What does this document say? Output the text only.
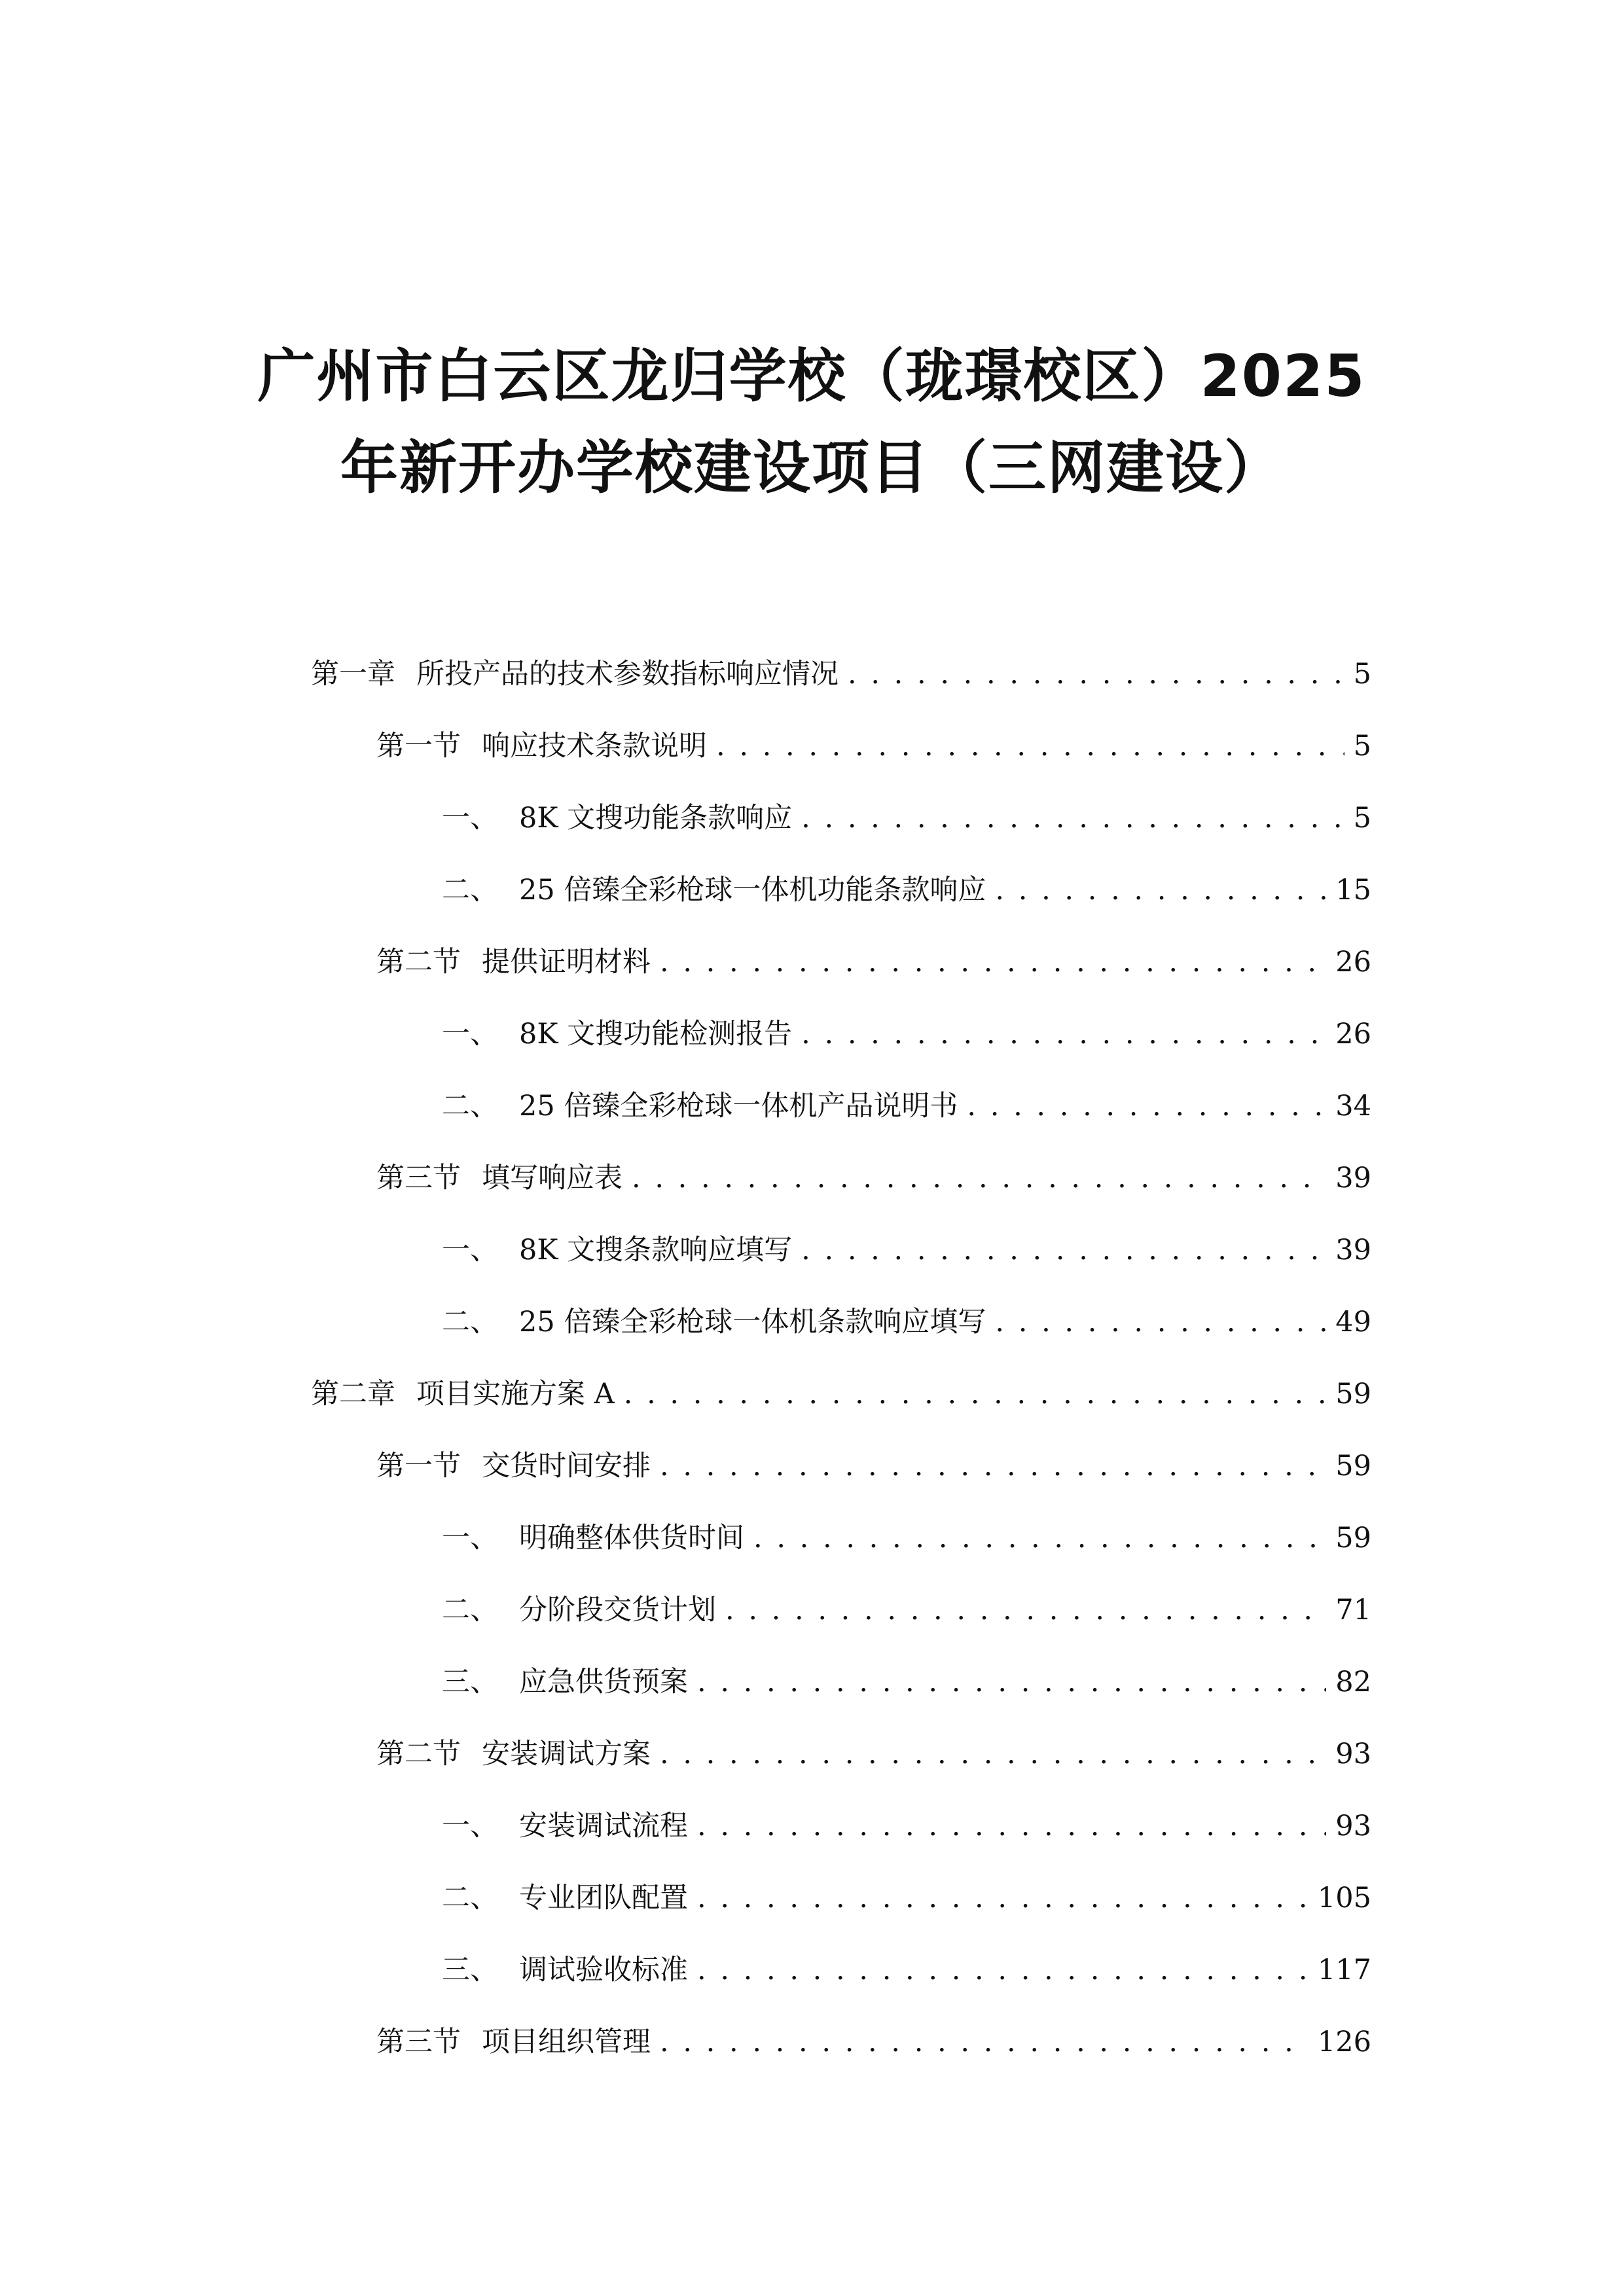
广州市白云区龙归学校（珑璟校区）2025
年新开办学校建设项目（三网建设）
第一章 所投产品的技术参数指标响应情况 . . .	5
第一节 响应技术条款说明 . . .	5
一、 8K 文搜功能条款响应 . . .	5
二、 25 倍臻全彩枪球一体机功能条款响应 . . .	15
第二节 提供证明材料 . . .	26
一、 8K 文搜功能检测报告 . . .	26
二、 25 倍臻全彩枪球一体机产品说明书 . . .	34
第三节 填写响应表 . . .	39
一、 8K 文搜条款响应填写 . . .	39
二、 25 倍臻全彩枪球一体机条款响应填写 . . .	49
第二章 项目实施方案 A . . .	59
第一节 交货时间安排 . . .	59
一、 明确整体供货时间 . . .	59
二、 分阶段交货计划 . . .	71
三、 应急供货预案 . . .	82
第二节 安装调试方案 . . .	93
一、 安装调试流程 . . .	93
二、 专业团队配置 . . .	105
三、 调试验收标准 . . .	117
第三节 项目组织管理 . . .	126
